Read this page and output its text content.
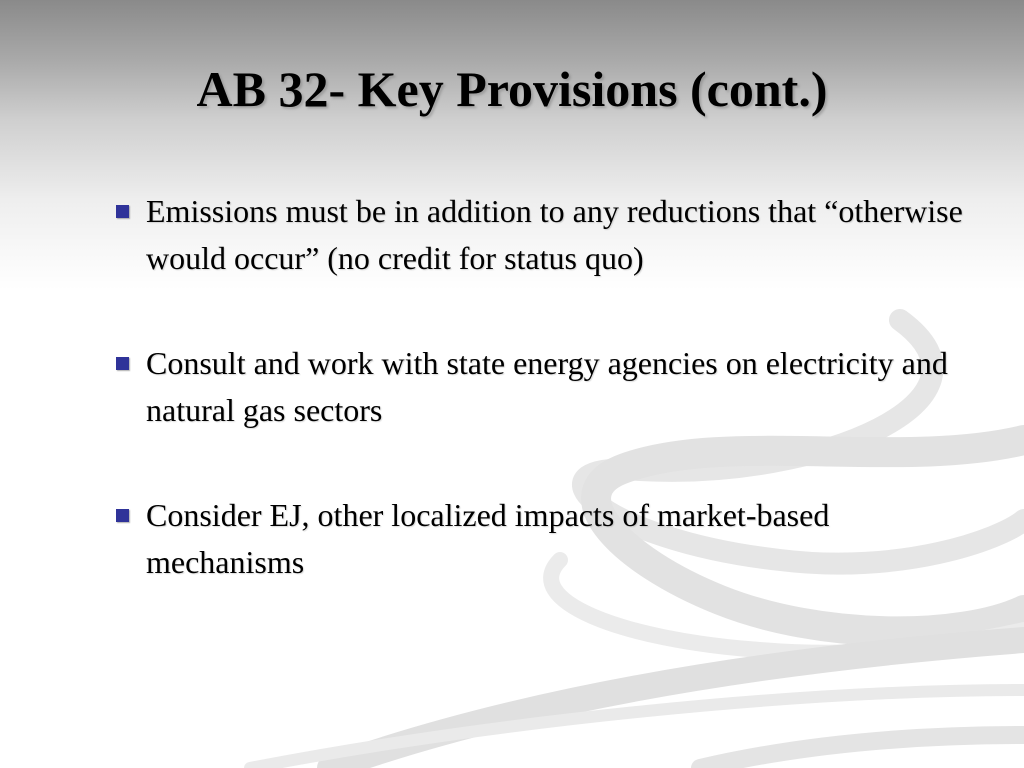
AB 32- Key Provisions (cont.)
Emissions must be in addition to any reductions that “otherwise would occur” (no credit for status quo)
Consult and work with state energy agencies on electricity and natural gas sectors
Consider EJ, other localized impacts of market-based mechanisms
